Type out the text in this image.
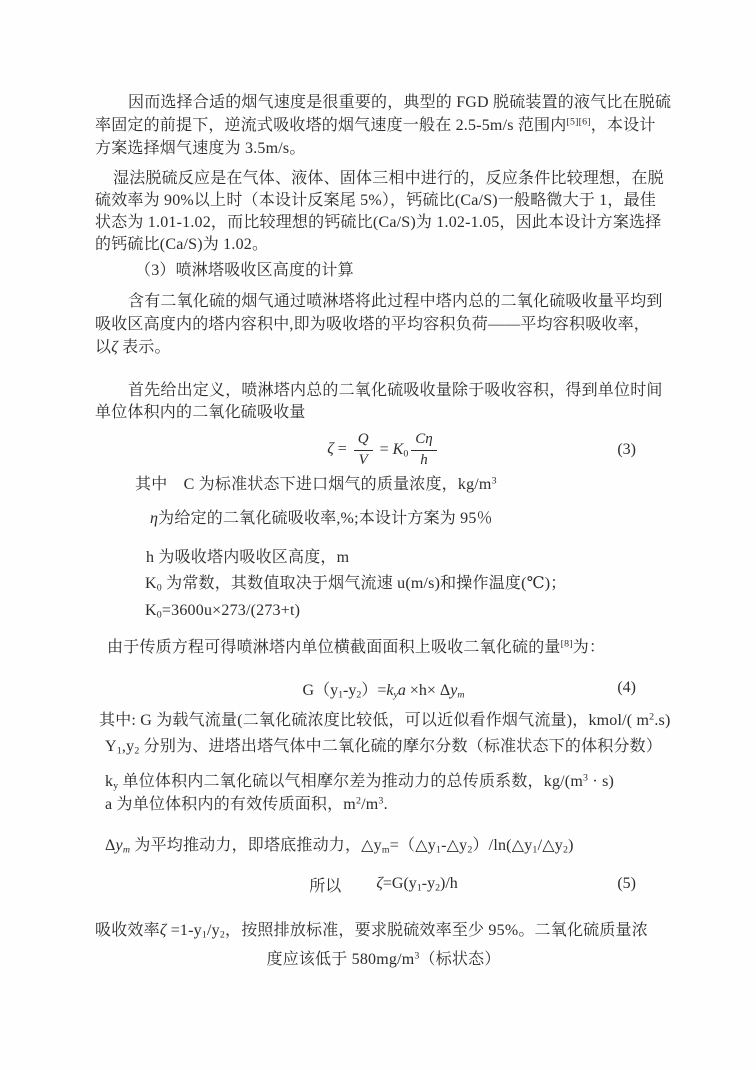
因而选择合适的烟气速度是很重要的，典型的 FGD 脱硫装置的液气比在脱硫
率固定的前提下，逆流式吸收塔的烟气速度一般在 2.5-5m/s 范围内[5][6]，本设计
方案选择烟气速度为 3.5m/s。
湿法脱硫反应是在气体、液体、固体三相中进行的，反应条件比较理想，在脱
硫效率为 90%以上时（本设计反案尾 5%），钙硫比(Ca/S)一般略微大于 1，最佳
状态为 1.01-1.02，而比较理想的钙硫比(Ca/S)为 1.02-1.05，因此本设计方案选择
的钙硫比(Ca/S)为 1.02。
（3）喷淋塔吸收区高度的计算
含有二氧化硫的烟气通过喷淋塔将此过程中塔内总的二氧化硫吸收量平均到
吸收区高度内的塔内容积中,即为吸收塔的平均容积负荷——平均容积吸收率，
以ζ 表示。
首先给出定义，喷淋塔内总的二氧化硫吸收量除于吸收容积，得到单位时间
单位体积内的二氧化硫吸收量
$\zeta = \frac{Q}{V} = K_0 \frac{C\eta}{h}$	(3)
其中　C 为标准状态下进口烟气的质量浓度，$kg/m^3$
η为给定的二氧化硫吸收率,%;本设计方案为 95％
h 为吸收塔内吸收区高度，m
$K_0$ 为常数，其数值取决于烟气流速 u(m/s)和操作温度(℃)；
$K_0=3600u\times 273/(273+t)$
由于传质方程可得喷淋塔内单位横截面面积上吸收二氧化硫的量[8]为：
$G(y_1-y_2)=k_ya \times h\times \Delta y_m$	(4)
其中: G 为载气流量(二氧化硫浓度比较低，可以近似看作烟气流量)，kmol/( $m^2.s$)
$Y_1,y_2$ 分别为、进塔出塔气体中二氧化硫的摩尔分数（标准状态下的体积分数）
$k_y$ 单位体积内二氧化硫以气相摩尔差为推动力的总传质系数，$kg/(m^3 \cdot s)$
a 为单位体积内的有效传质面积，$m^2/m^3$.
$\Delta y_m$ 为平均推动力，即塔底推动力，$\triangle y_m=(\triangle y_1-\triangle y_2)/\ln(\triangle y_1/\triangle y_2)$
所以 $\zeta=G(y_1-y_2)/h$	(5)
吸收效率$\zeta =1-y_1/y_2$，按照排放标准，要求脱硫效率至少 95%。二氧化硫质量浓
度应该低于 $580mg/m^3$（标状态）
